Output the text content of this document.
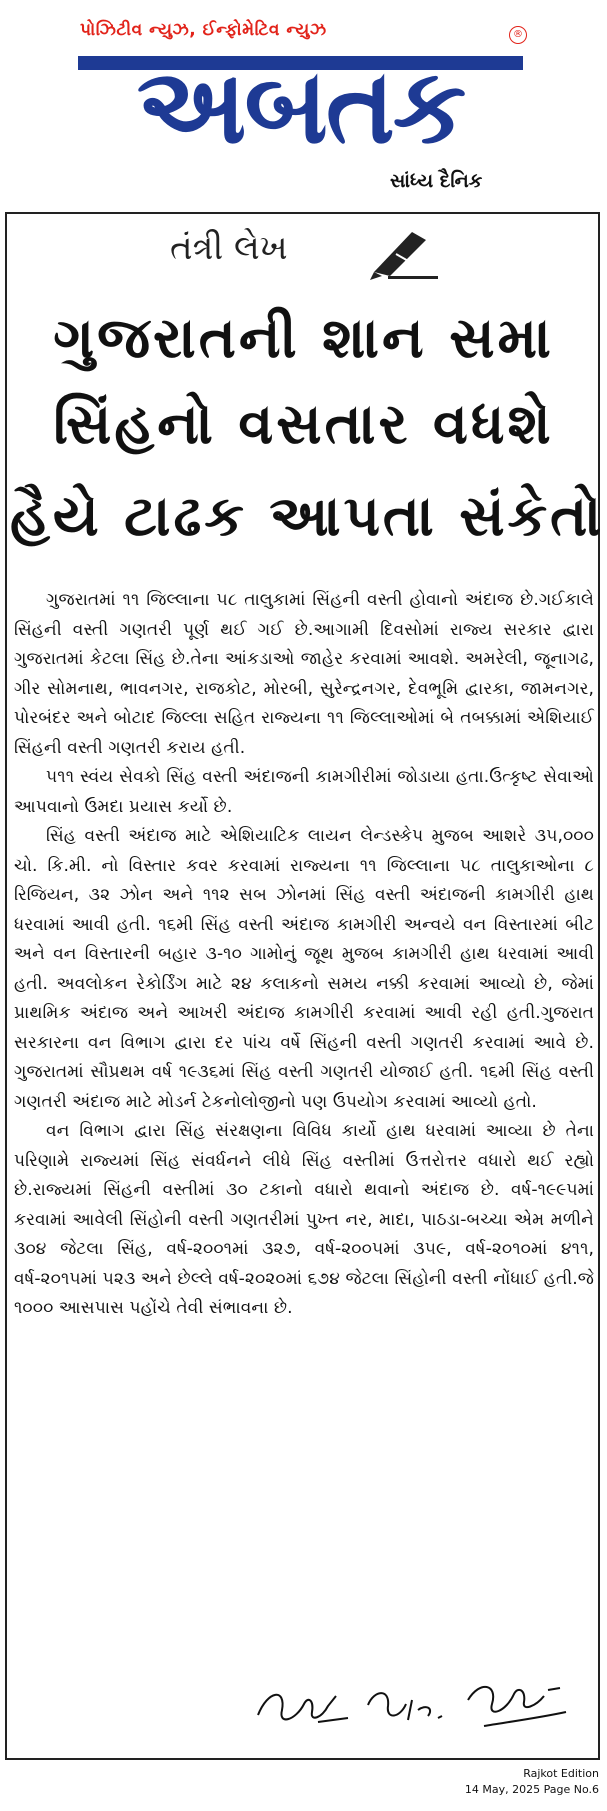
પોઝિટીવ ન્યુઝ, ઈન્ફોમેટિવ ન્યુઝ	®
અબતક
સાંધ્ય દૈનિક
તંત્રી લેખ
ગુજરાતની શાન સમા
સિંહનો વસતાર વધશે
હૈયે ટાઢક આપતા સંકેતો

ગુજરાતમાં ૧૧ જિલ્લાના ૫૮ તાલુકામાં સિંહની વસ્તી હોવાનો અંદાજ છે.ગઈકાલે સિંહની વસ્તી ગણતરી પૂર્ણ થઈ ગઈ છે.આગામી દિવસોમાં રાજ્ય સરકાર દ્વારા ગુજરાતમાં કેટલા સિંહ છે.તેના આંકડાઓ જાહેર કરવામાં આવશે. અમરેલી, જૂનાગઢ, ગીર સોમનાથ, ભાવનગર, રાજકોટ, મોરબી, સુરેન્દ્રનગર, દેવભૂમિ દ્વારકા, જામનગર, પોરબંદર અને બોટાદ જિલ્લા સહિત રાજ્યના ૧૧ જિલ્લાઓમાં બે તબક્કામાં એશિયાઈ સિંહની વસ્તી ગણતરી કરાય હતી.

૫૧૧ સ્વંય સેવકો સિંહ વસ્તી અંદાજની કામગીરીમાં જોડાયા હતા.ઉત્કૃષ્ટ સેવાઓ આપવાનો ઉમદા પ્રયાસ કર્યો છે.

સિંહ વસ્તી અંદાજ માટે એશિયાટિક લાયન લેન્ડસ્કેપ મુજબ આશરે ૩૫,૦૦૦ ચો. કિ.મી. નો વિસ્તાર કવર કરવામાં રાજ્યના ૧૧ જિલ્લાના ૫૮ તાલુકાઓના ૮ રિજિયન, ૩૨ ઝોન અને ૧૧૨ સબ ઝોનમાં સિંહ વસ્તી અંદાજની કામગીરી હાથ ધરવામાં આવી હતી. ૧૬મી સિંહ વસ્તી અંદાજ કામગીરી અન્વયે વન વિસ્તારમાં બીટ અને વન વિસ્તારની બહાર ૩-૧૦ ગામોનું જૂથ મુજબ કામગીરી હાથ ધરવામાં આવી હતી. અવલોકન રેકોર્ડિંગ માટે ૨૪ કલાકનો સમય નક્કી કરવામાં આવ્યો છે, જેમાં પ્રાથમિક અંદાજ અને આખરી અંદાજ કામગીરી કરવામાં આવી રહી હતી.ગુજરાત સરકારના વન વિભાગ દ્વારા દર પાંચ વર્ષે સિંહની વસ્તી ગણતરી કરવામાં આવે છે. ગુજરાતમાં સૌપ્રથમ વર્ષ ૧૯૩૬માં સિંહ વસ્તી ગણતરી યોજાઈ હતી. ૧૬મી સિંહ વસ્તી ગણતરી અંદાજ માટે મોડર્ન ટેકનોલોજીનો પણ ઉપયોગ કરવામાં આવ્યો હતો.

વન વિભાગ દ્વારા સિંહ સંરક્ષણના વિવિધ કાર્યો હાથ ધરવામાં આવ્યા છે તેના પરિણામે રાજ્યમાં સિંહ સંવર્ધનને લીધે સિંહ વસ્તીમાં ઉત્તરોત્તર વધારો થઈ રહ્યો છે.રાજ્યમાં સિંહની વસ્તીમાં ૩૦ ટકાનો વધારો થવાનો અંદાજ છે. વર્ષ-૧૯૯૫માં કરવામાં આવેલી સિંહોની વસ્તી ગણતરીમાં પુખ્ત નર, માદા, પાઠડા-બચ્ચા એમ મળીને ૩૦૪ જેટલા સિંહ, વર્ષ-૨૦૦૧માં ૩૨૭, વર્ષ-૨૦૦૫માં ૩૫૯, વર્ષ-૨૦૧૦માં ૪૧૧, વર્ષ-૨૦૧૫માં ૫૨૩ અને છેલ્લે વર્ષ-૨૦૨૦માં ૬૭૪ જેટલા સિંહોની વસ્તી નોંધાઈ હતી.જે ૧૦૦૦ આસપાસ પહોંચે તેવી સંભાવના છે.

Rajkot Edition
14 May, 2025 Page No.6
